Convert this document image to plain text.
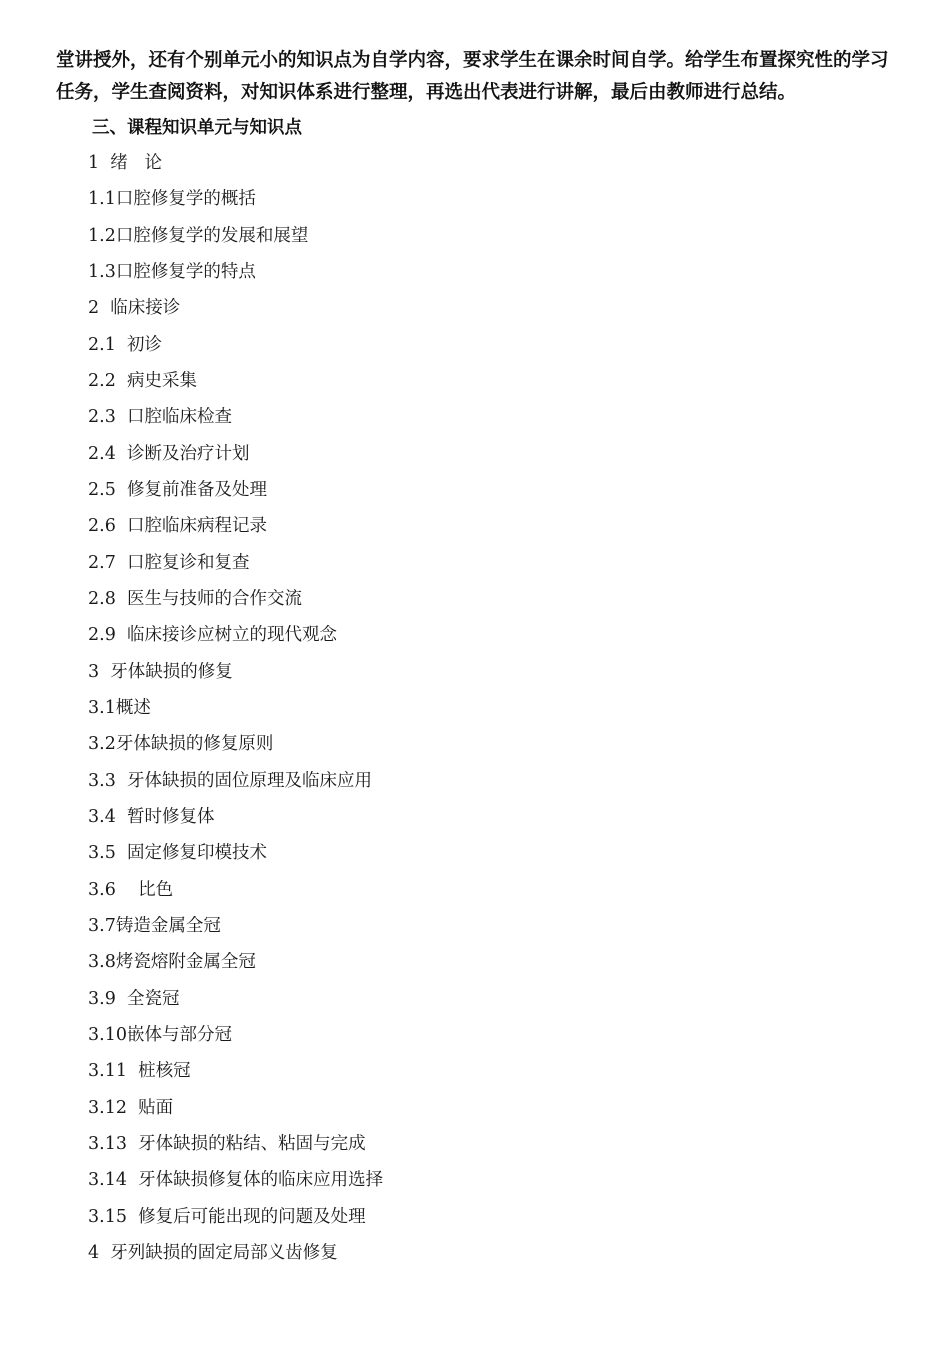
堂讲授外，还有个别单元小的知识点为自学内容，要求学生在课余时间自学。给学生布置探究性的学习任务，学生查阅资料，对知识体系进行整理，再选出代表进行讲解，最后由教师进行总结。

三、课程知识单元与知识点
1  绪   论
1.1口腔修复学的概括
1.2口腔修复学的发展和展望
1.3口腔修复学的特点
2  临床接诊
2.1  初诊
2.2  病史采集
2.3  口腔临床检查
2.4  诊断及治疗计划
2.5  修复前准备及处理
2.6  口腔临床病程记录
2.7  口腔复诊和复查
2.8  医生与技师的合作交流
2.9  临床接诊应树立的现代观念
3  牙体缺损的修复
3.1概述
3.2牙体缺损的修复原则
3.3  牙体缺损的固位原理及临床应用
3.4  暂时修复体
3.5  固定修复印模技术
3.6    比色
3.7铸造金属全冠
3.8烤瓷熔附金属全冠
3.9  全瓷冠
3.10嵌体与部分冠
3.11  桩核冠
3.12  贴面
3.13  牙体缺损的粘结、粘固与完成
3.14  牙体缺损修复体的临床应用选择
3.15  修复后可能出现的问题及处理
4  牙列缺损的固定局部义齿修复
